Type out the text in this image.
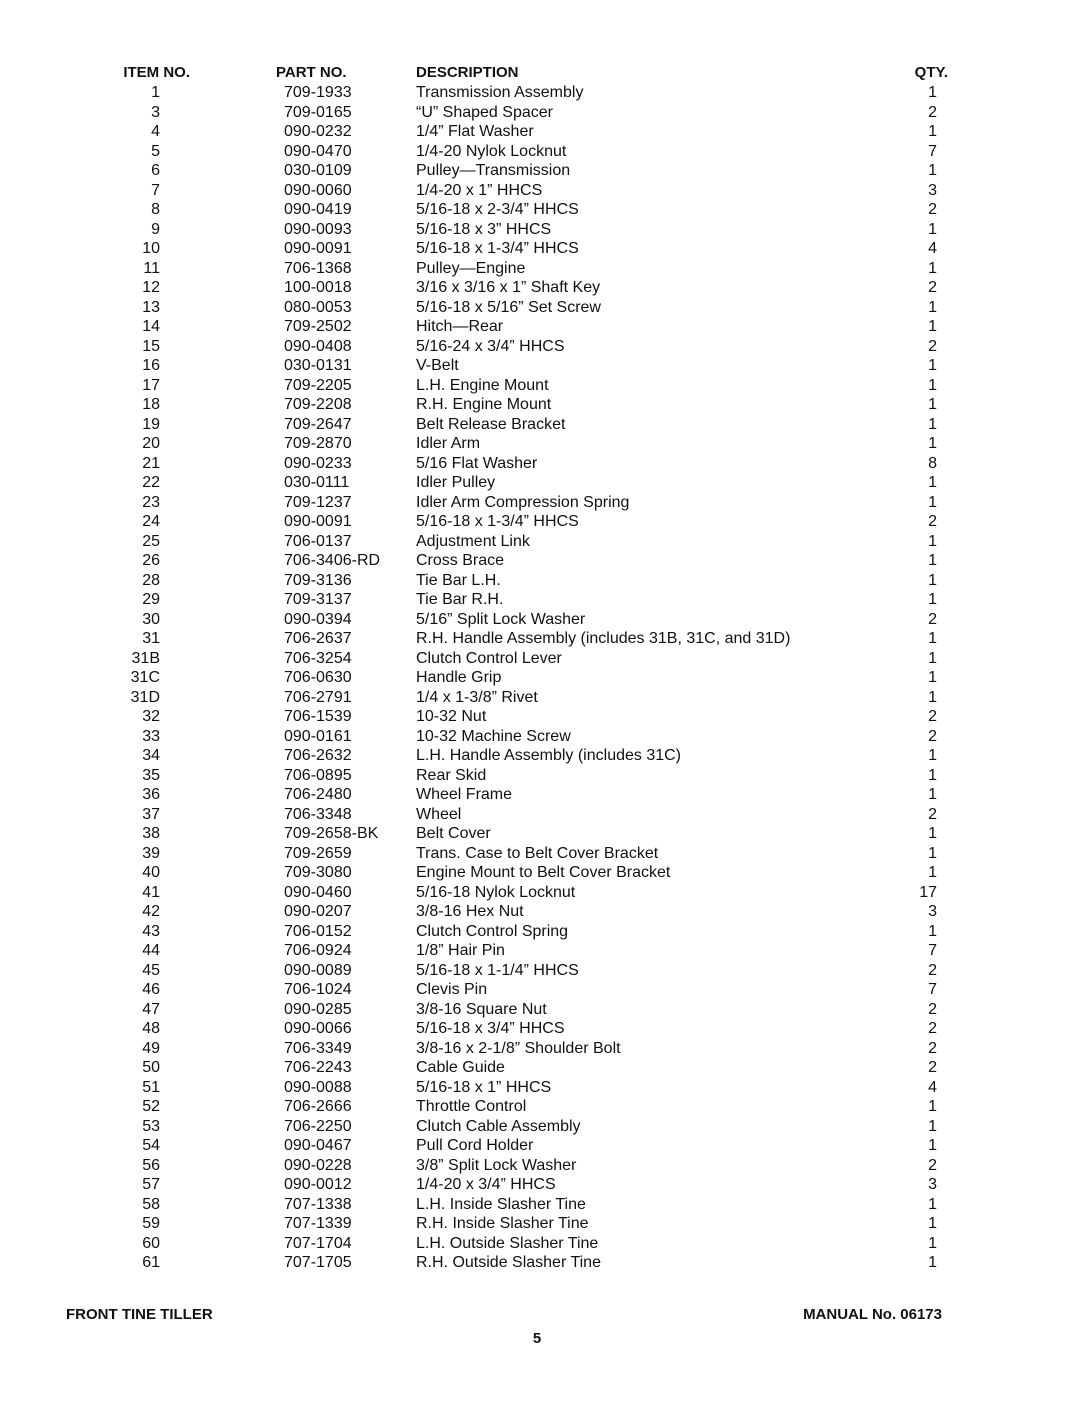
ITEM NO.	PART NO.	DESCRIPTION	QTY.
1	709-1933	Transmission Assembly	1
3	709-0165	“U” Shaped Spacer	2
4	090-0232	1/4” Flat Washer	1
5	090-0470	1/4-20 Nylok Locknut	7
6	030-0109	Pulley—Transmission	1
7	090-0060	1/4-20 x 1” HHCS	3
8	090-0419	5/16-18 x 2-3/4” HHCS	2
9	090-0093	5/16-18 x 3” HHCS	1
10	090-0091	5/16-18 x 1-3/4” HHCS	4
11	706-1368	Pulley—Engine	1
12	100-0018	3/16 x 3/16 x 1” Shaft Key	2
13	080-0053	5/16-18 x 5/16” Set Screw	1
14	709-2502	Hitch—Rear	1
15	090-0408	5/16-24 x 3/4” HHCS	2
16	030-0131	V-Belt	1
17	709-2205	L.H. Engine Mount	1
18	709-2208	R.H. Engine Mount	1
19	709-2647	Belt Release Bracket	1
20	709-2870	Idler Arm	1
21	090-0233	5/16 Flat Washer	8
22	030-0111	Idler Pulley	1
23	709-1237	Idler Arm Compression Spring	1
24	090-0091	5/16-18 x 1-3/4” HHCS	2
25	706-0137	Adjustment Link	1
26	706-3406-RD Cross Brace	1
28	709-3136	Tie Bar L.H.	1
29	709-3137	Tie Bar R.H.	1
30	090-0394	5/16” Split Lock Washer	2
31	706-2637	R.H. Handle Assembly (includes 31B, 31C, and 31D)	1
31B	706-3254	Clutch Control Lever	1
31C	706-0630	Handle Grip	1
31D	706-2791	1/4 x 1-3/8” Rivet	1
32	706-1539	10-32 Nut	2
33	090-0161	10-32 Machine Screw	2
34	706-2632	L.H. Handle Assembly (includes 31C)	1
35	706-0895	Rear Skid	1
36	706-2480	Wheel Frame	1
37	706-3348	Wheel	2
38	709-2658-BK Belt Cover	1
39	709-2659	Trans. Case to Belt Cover Bracket	1
40	709-3080	Engine Mount to Belt Cover Bracket	1
41	090-0460	5/16-18 Nylok Locknut	17
42	090-0207	3/8-16 Hex Nut	3
43	706-0152	Clutch Control Spring	1
44	706-0924	1/8” Hair Pin	7
45	090-0089	5/16-18 x 1-1/4” HHCS	2
46	706-1024	Clevis Pin	7
47	090-0285	3/8-16 Square Nut	2
48	090-0066	5/16-18 x 3/4” HHCS	2
49	706-3349	3/8-16 x 2-1/8” Shoulder Bolt	2
50	706-2243	Cable Guide	2
51	090-0088	5/16-18 x 1” HHCS	4
52	706-2666	Throttle Control	1
53	706-2250	Clutch Cable Assembly	1
54	090-0467	Pull Cord Holder	1
56	090-0228	3/8” Split Lock Washer	2
57	090-0012	1/4-20 x 3/4” HHCS	3
58	707-1338	L.H. Inside Slasher Tine	1
59	707-1339	R.H. Inside Slasher Tine	1
60	707-1704	L.H. Outside Slasher Tine	1
61	707-1705	R.H. Outside Slasher Tine	1
FRONT TINE TILLER	MANUAL No. 06173
5
